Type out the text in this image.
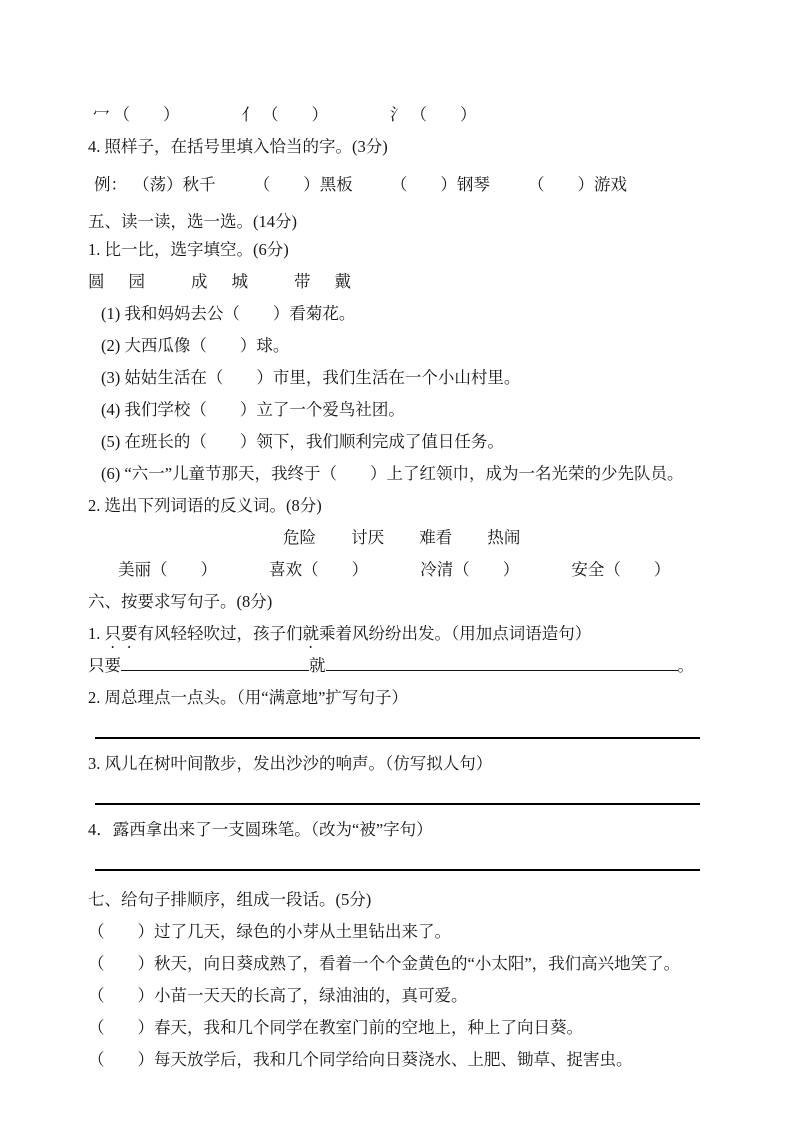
冖 （　　）	亻 （　　）	氵 （　　）
4. 照样子，在括号里填入恰当的字。(3分)
例： （荡）秋千 （　　）黑板 （　　）钢琴 （　　）游戏
五、读一读，选一选。(14分)
1. 比一比，选字填空。(6分)
圆 园	成 城	带 戴
(1) 我和妈妈去公（　　）看菊花。
(2) 大西瓜像（　　）球。
(3) 姑姑生活在（　　）市里，我们生活在一个小山村里。
(4) 我们学校（　　）立了一个爱鸟社团。
(5) 在班长的（　　）领下，我们顺利完成了值日任务。
(6) “六一”儿童节那天，我终于（　　）上了红领巾，成为一名光荣的少先队员。
2. 选出下列词语的反义词。(8分)
危险 讨厌 难看 热闹
美丽（　　）	喜欢（　　）	冷清（　　）	安全（　　）
六、按要求写句子。(8分)
1. 只要有风轻轻吹过，孩子们就乘着风纷纷出发。（用加点词语造句）
只要	就	。
2. 周总理点一点头。（用“满意地”扩写句子）
3. 风儿在树叶间散步，发出沙沙的响声。（仿写拟人句）
4．露西拿出来了一支圆珠笔。（改为“被”字句）
七、给句子排顺序，组成一段话。(5分)
（　　）过了几天，绿色的小芽从土里钻出来了。
（　　）秋天，向日葵成熟了，看着一个个金黄色的“小太阳”，我们高兴地笑了。
（　　）小苗一天天的长高了，绿油油的，真可爱。
（　　）春天，我和几个同学在教室门前的空地上，种上了向日葵。
（　　）每天放学后，我和几个同学给向日葵浇水、上肥、锄草、捉害虫。
